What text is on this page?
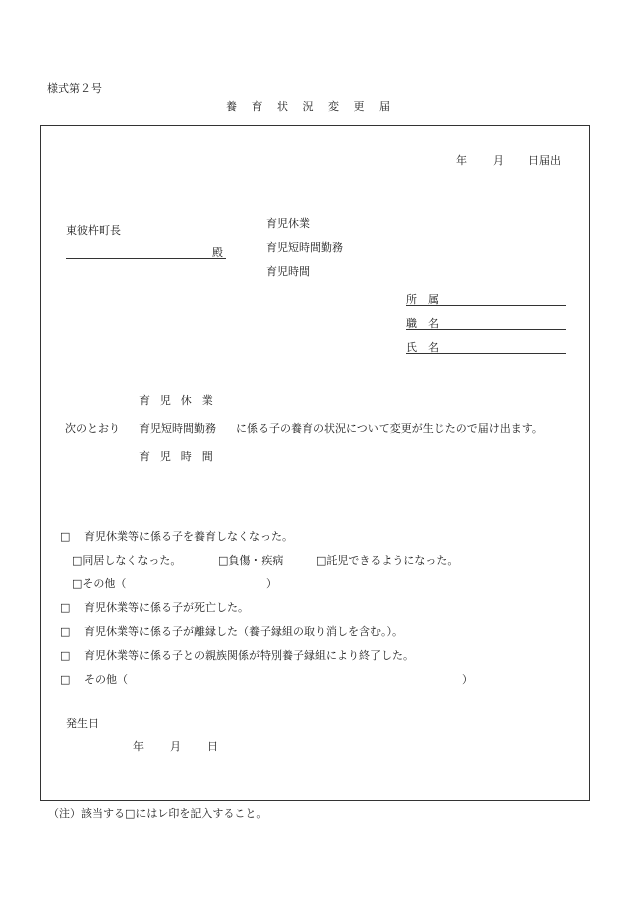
様式第２号
養 育 状 況 変 更 届
年 月 日届出
東彼杵町長
殿
育児休業
育児短時間勤務
育児時間
所　属
職　名
氏　名
育児休業
次のとおり 育児短時間勤務 に係る子の養育の状況について変更が生じたので届け出ます。
育児時間
□ 育児休業等に係る子を養育しなくなった。
□同居しなくなった。	□負傷・疾病	□託児できるようになった。
□その他（	）
□ 育児休業等に係る子が死亡した。
□ 育児休業等に係る子が離縁した（養子縁組の取り消しを含む。）。
□ 育児休業等に係る子との親族関係が特別養子縁組により終了した。
□ その他（	）
発生日
年 月 日
（注）該当する□にはレ印を記入すること。
